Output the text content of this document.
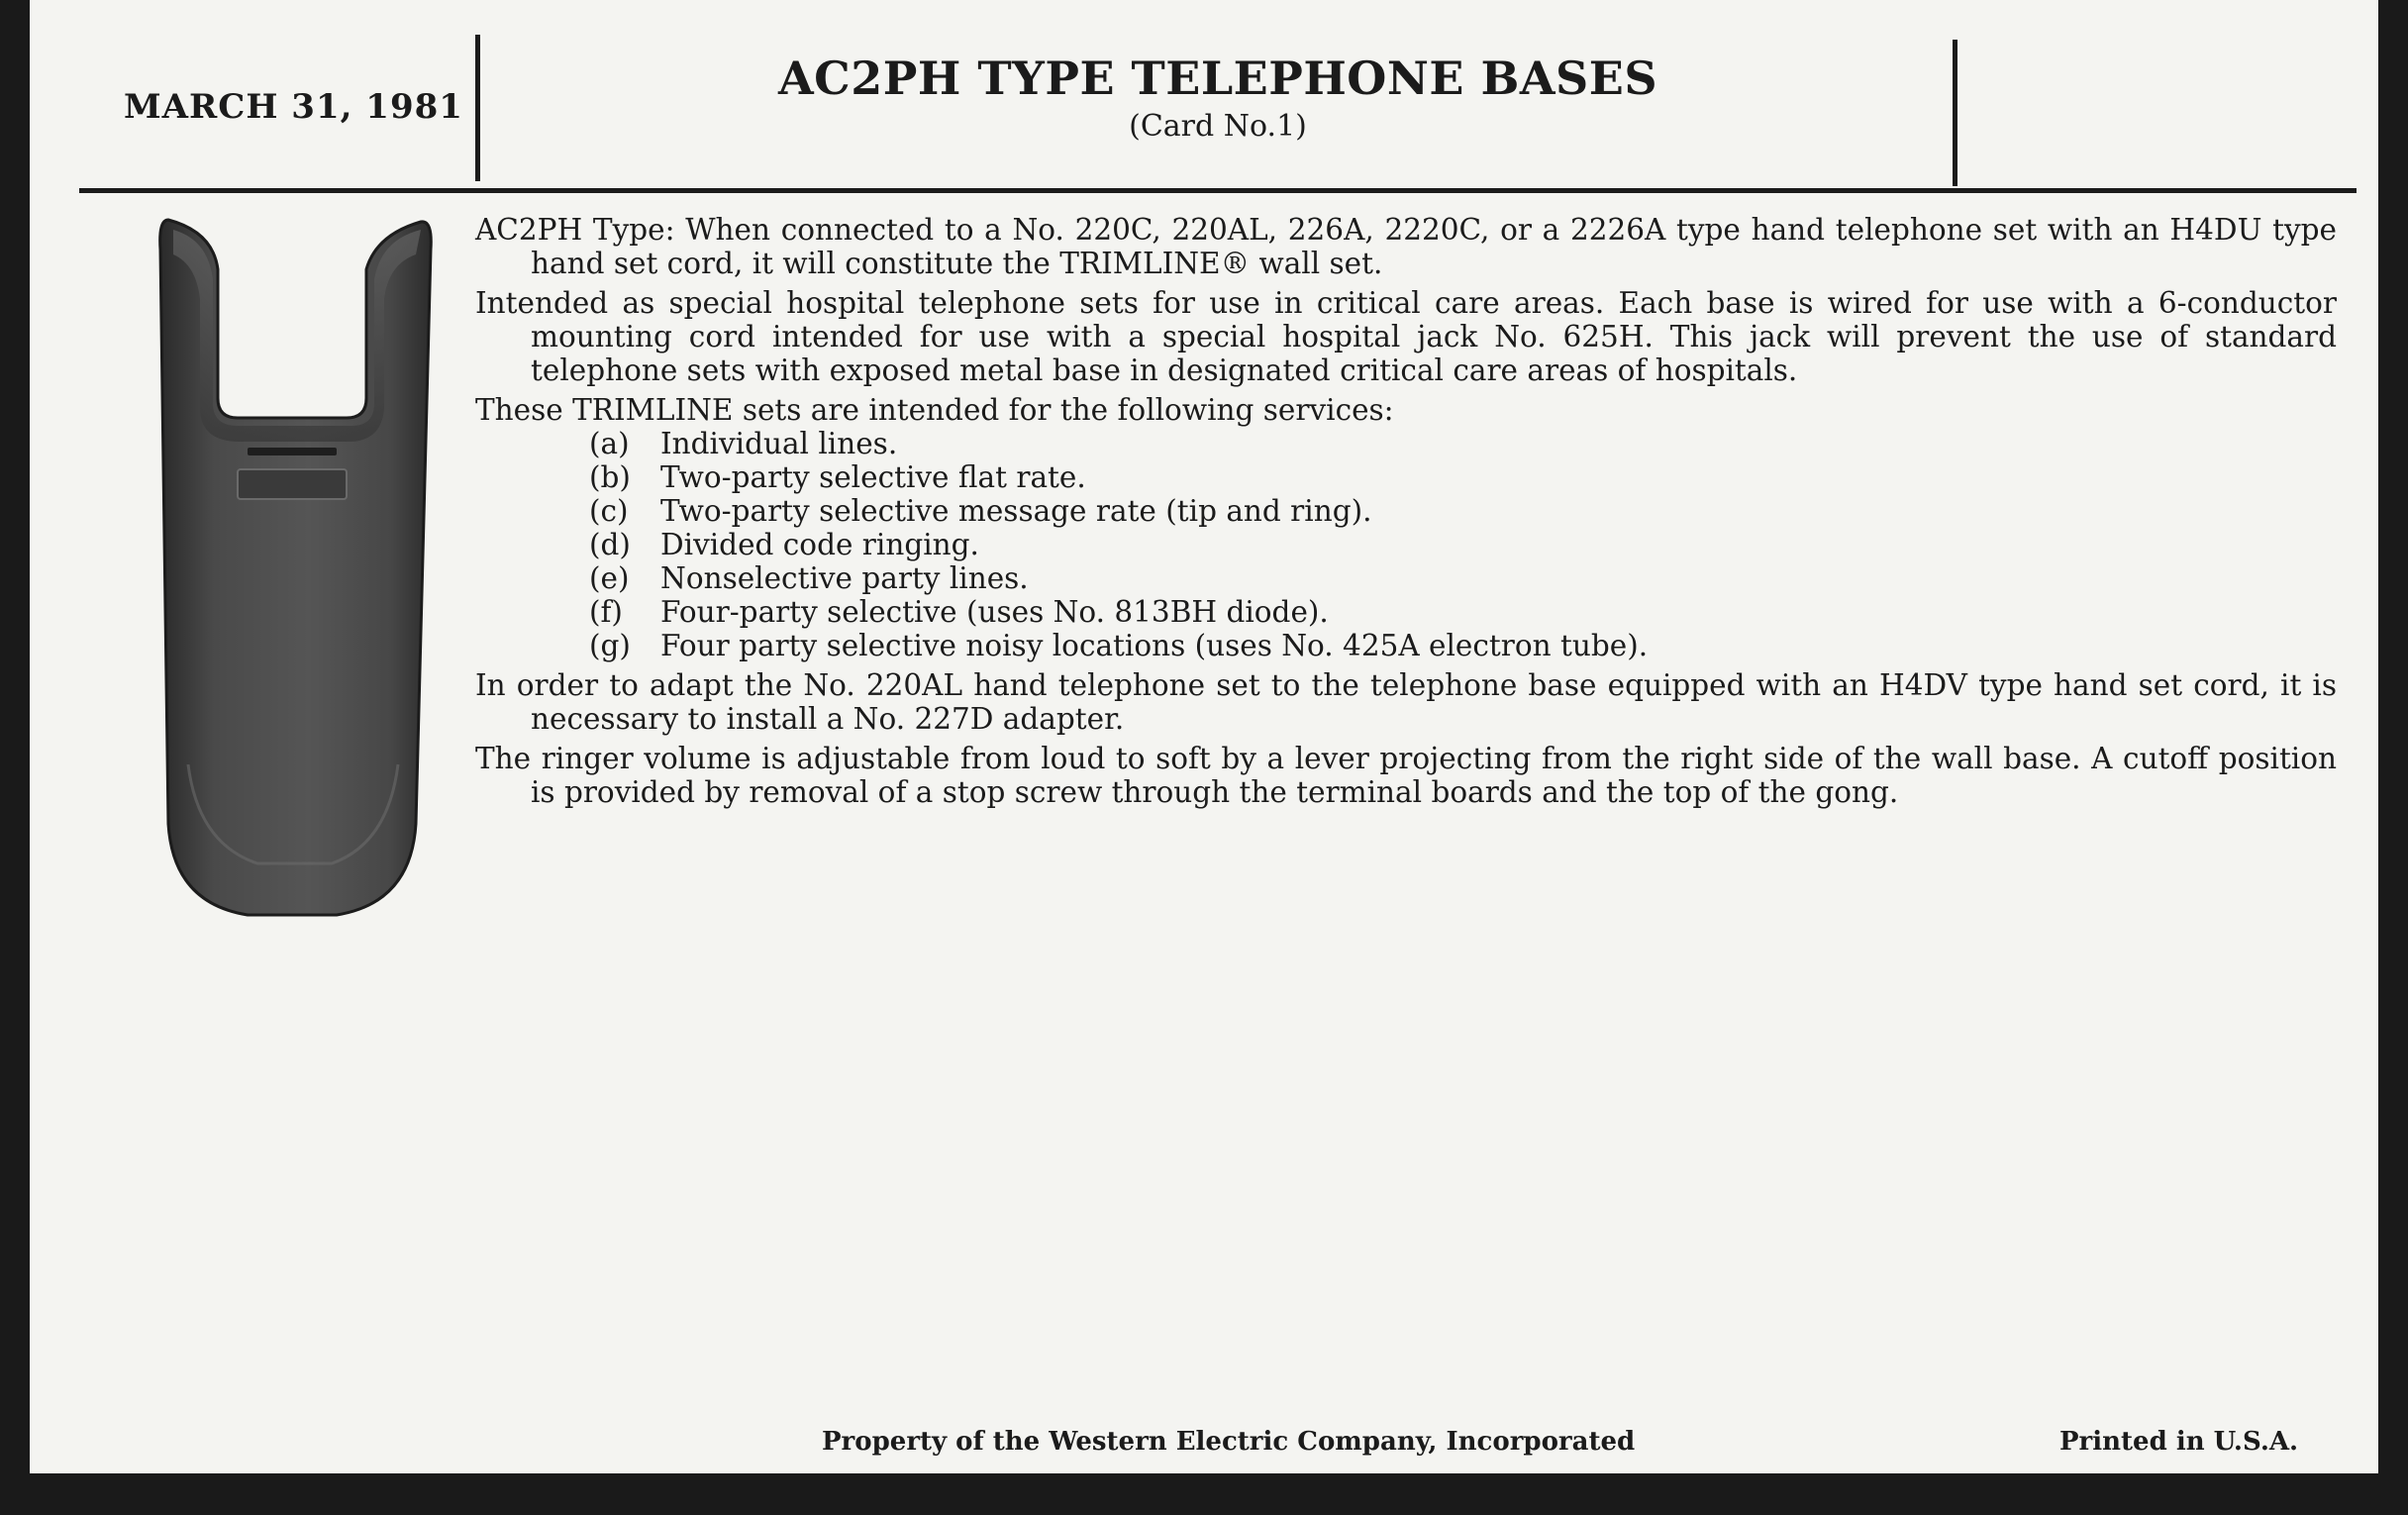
MARCH 31, 1981
AC2PH TYPE TELEPHONE BASES
(Card No.1)

AC2PH Type: When connected to a No. 220C, 220AL, 226A, 2220C, or a 2226A type hand telephone set with an H4DU type hand set cord, it will constitute the TRIMLINE® wall set.

Intended as special hospital telephone sets for use in critical care areas. Each base is wired for use with a 6-conductor mounting cord intended for use with a special hospital jack No. 625H. This jack will prevent the use of standard telephone sets with exposed metal base in designated critical care areas of hospitals.

These TRIMLINE sets are intended for the following services:

(a)	Individual lines.
(b)	Two-party selective flat rate.
(c)	Two-party selective message rate (tip and ring).
(d)	Divided code ringing.
(e)	Nonselective party lines.
(f)	Four-party selective (uses No. 813BH diode).
(g)	Four party selective noisy locations (uses No. 425A electron tube).

In order to adapt the No. 220AL hand telephone set to the telephone base equipped with an H4DV type hand set cord, it is necessary to install a No. 227D adapter.

The ringer volume is adjustable from loud to soft by a lever projecting from the right side of the wall base. A cutoff position is provided by removal of a stop screw through the terminal boards and the top of the gong.

Property of the Western Electric Company, Incorporated	Printed in U.S.A.
